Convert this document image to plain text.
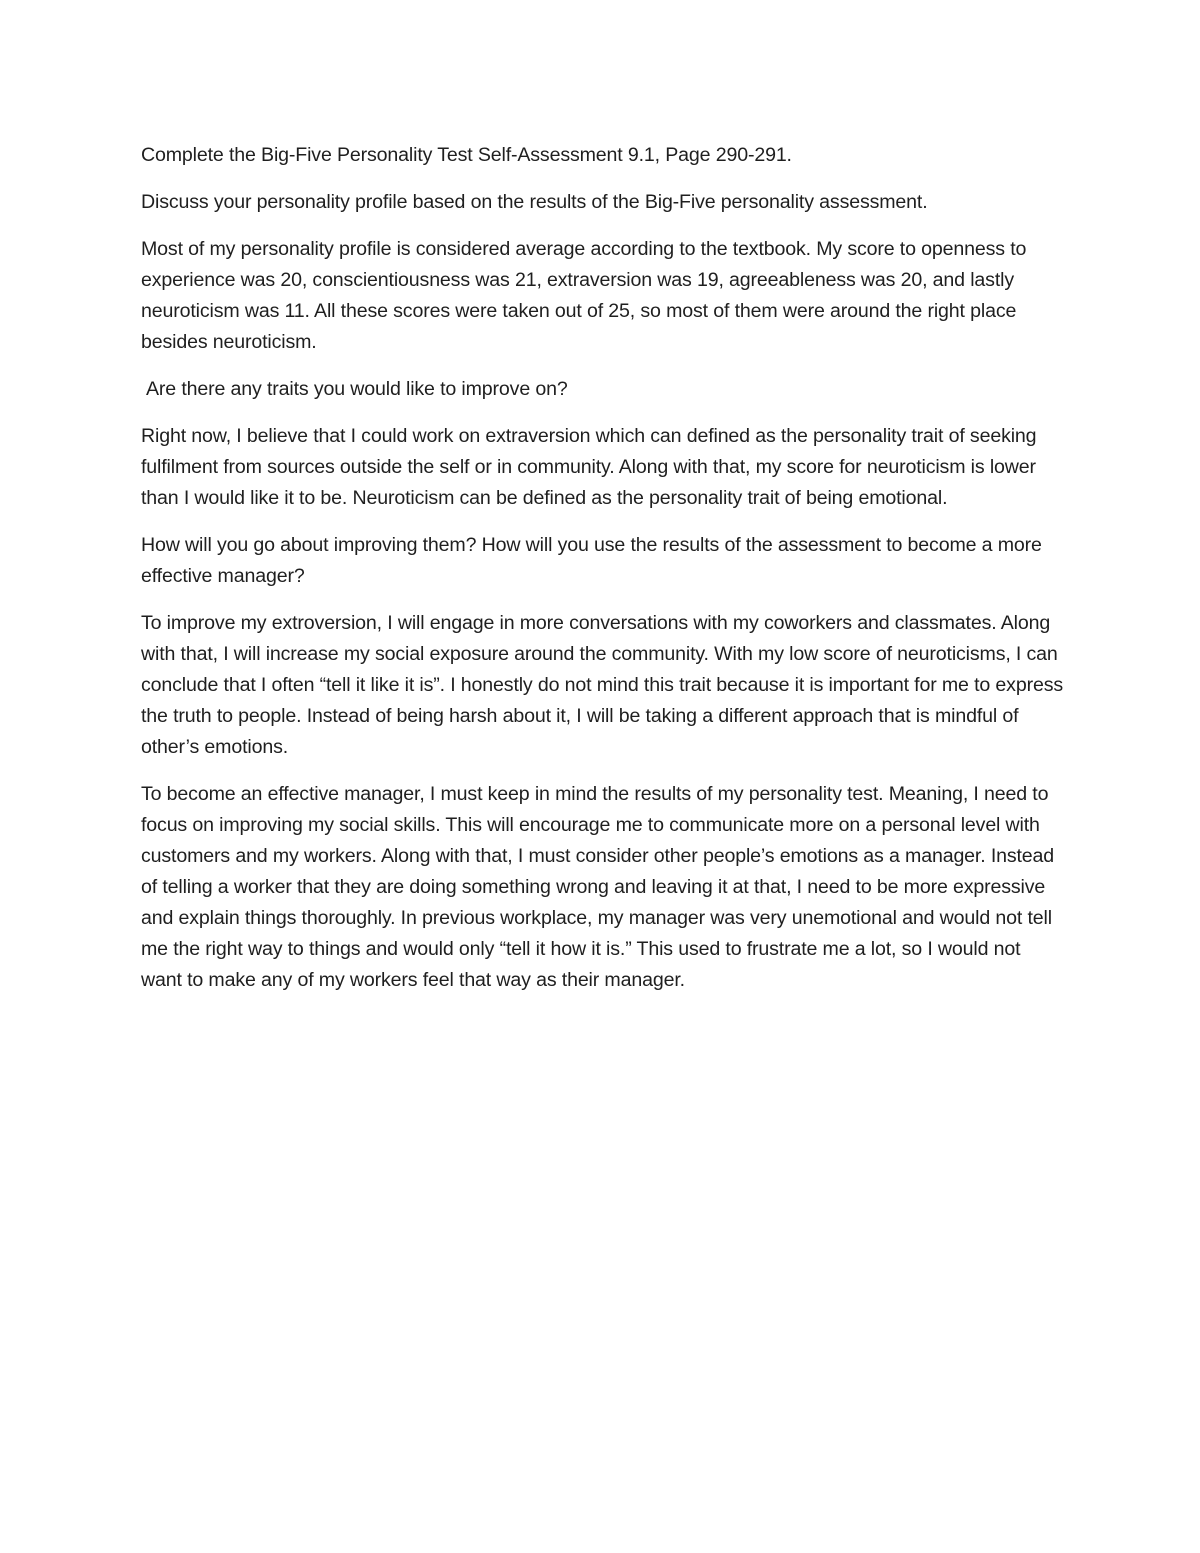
Complete the Big-Five Personality Test Self-Assessment 9.1, Page 290-291.

Discuss your personality profile based on the results of the Big-Five personality assessment.

Most of my personality profile is considered average according to the textbook. My score to openness to experience was 20, conscientiousness was 21, extraversion was 19, agreeableness was 20, and lastly neuroticism was 11. All these scores were taken out of 25, so most of them were around the right place besides neuroticism.

Are there any traits you would like to improve on?

Right now, I believe that I could work on extraversion which can defined as the personality trait of seeking fulfilment from sources outside the self or in community. Along with that, my score for neuroticism is lower than I would like it to be. Neuroticism can be defined as the personality trait of being emotional.

How will you go about improving them? How will you use the results of the assessment to become a more effective manager?

To improve my extroversion, I will engage in more conversations with my coworkers and classmates. Along with that, I will increase my social exposure around the community. With my low score of neuroticisms, I can conclude that I often “tell it like it is”. I honestly do not mind this trait because it is important for me to express the truth to people. Instead of being harsh about it, I will be taking a different approach that is mindful of other’s emotions.

To become an effective manager, I must keep in mind the results of my personality test. Meaning, I need to focus on improving my social skills. This will encourage me to communicate more on a personal level with customers and my workers. Along with that, I must consider other people’s emotions as a manager. Instead of telling a worker that they are doing something wrong and leaving it at that, I need to be more expressive and explain things thoroughly. In previous workplace, my manager was very unemotional and would not tell me the right way to things and would only “tell it how it is.” This used to frustrate me a lot, so I would not want to make any of my workers feel that way as their manager.
